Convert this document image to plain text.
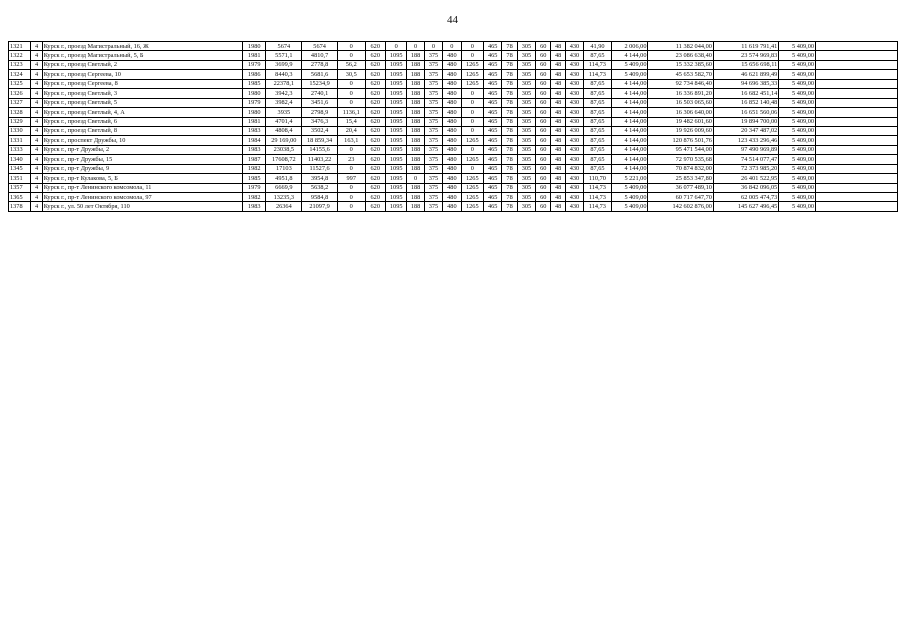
44
1321	4	Курск г., проезд Магистральный, 16, Ж	1980	5674	5674	0	620	0	0	0	0	0	465	78	305	60	48	430	41,90	2 006,00	11 382 044,00	11 619 791,41	5 409,00	
1322	4	Курск г., проезд Магистральный, 5, Б	1981	5571,1	4810,7	0	620	1095	188	375	480	0	465	78	305	60	48	430	87,65	4 144,00	23 086 638,40	23 574 969,83	5 409,00	
1323	4	Курск г., проезд Светлый, 2	1979	3699,9	2778,8	56,2	620	1095	188	375	480	1265	465	78	305	60	48	430	114,73	5 409,00	15 332 385,60	15 656 698,11	5 409,00	
1324	4	Курск г., проезд Сергеева, 10	1986	8440,3	5681,6	30,5	620	1095	188	375	480	1265	465	78	305	60	48	430	114,73	5 409,00	45 653 582,70	46 621 899,49	5 409,00	
1325	4	Курск г., проезд Сергеева, 8	1985	22378,1	15234,9	0	620	1095	188	375	480	1265	465	78	305	60	48	430	87,65	4 144,00	92 734 846,40	94 696 385,33	5 409,00	
1326	4	Курск г., проезд Светлый, 3	1980	3942,3	2740,1	0	620	1095	188	375	480	0	465	78	305	60	48	430	87,65	4 144,00	16 336 891,20	16 682 451,14	5 409,00	
1327	4	Курск г., проезд Светлый, 5	1979	3982,4	3451,6	0	620	1095	188	375	480	0	465	78	305	60	48	430	87,65	4 144,00	16 503 065,60	16 852 140,48	5 409,00	
1328	4	Курск г., проезд Светлый, 4, А	1980	3935	2798,9	1136,1	620	1095	188	375	480	0	465	78	305	60	48	430	87,65	4 144,00	16 306 640,00	16 651 560,06	5 409,00	
1329	4	Курск г., проезд Светлый, 6	1981	4701,4	3476,3	15,4	620	1095	188	375	480	0	465	78	305	60	48	430	87,65	4 144,00	19 482 601,60	19 894 700,00	5 409,00	
1330	4	Курск г., проезд Светлый, 8	1983	4808,4	3502,4	20,4	620	1095	188	375	480	0	465	78	305	60	48	430	87,65	4 144,00	19 926 009,60	20 347 487,02	5 409,00	
1331	4	Курск г., проспект Дружбы, 10	1984	29 169,00	18 859,34	163,1	620	1095	188	375	480	1265	465	78	305	60	48	430	87,65	4 144,00	120 876 501,76	123 433 296,46	5 409,00	
1333	4	Курск г., пр-т Дружбы, 2	1983	23038,5	14155,6	0	620	1095	188	375	480	0	465	78	305	60	48	430	87,65	4 144,00	95 471 544,00	97 490 969,89	5 409,00	
1340	4	Курск г., пр-т Дружбы, 15	1987	17608,72	11403,22	23	620	1095	188	375	480	1265	465	78	305	60	48	430	87,65	4 144,00	72 970 535,68	74 514 077,47	5 409,00	
1345	4	Курск г., пр-т Дружбы, 9	1982	17103	11527,6	0	620	1095	188	375	480	0	465	78	305	60	48	430	87,65	4 144,00	70 874 832,00	72 373 985,20	5 409,00	
1351	4	Курск г., пр-т Кулакова, 5, Б	1985	4951,8	3954,8	997	620	1095	0	375	480	1265	465	78	305	60	48	430	110,70	5 221,00	25 853 347,80	26 401 522,95	5 409,00	
1357	4	Курск г., пр-т Ленинского комсомола, 11	1979	6669,9	5638,2	0	620	1095	188	375	480	1265	465	78	305	60	48	430	114,73	5 409,00	36 077 489,10	36 842 096,05	5 409,00	
1365	4	Курск г., пр-т Ленинского комсомола, 97	1982	13235,3	9584,8	0	620	1095	188	375	480	1265	465	78	305	60	48	430	114,73	5 409,00	60 717 647,70	62 005 474,73	5 409,00	
1378	4	Курск г., ул. 50 лет Октября, 110	1983	26364	21097,9	0	620	1095	188	375	480	1265	465	78	305	60	48	430	114,73	5 409,00	142 602 876,00	145 627 496,45	5 409,00	
